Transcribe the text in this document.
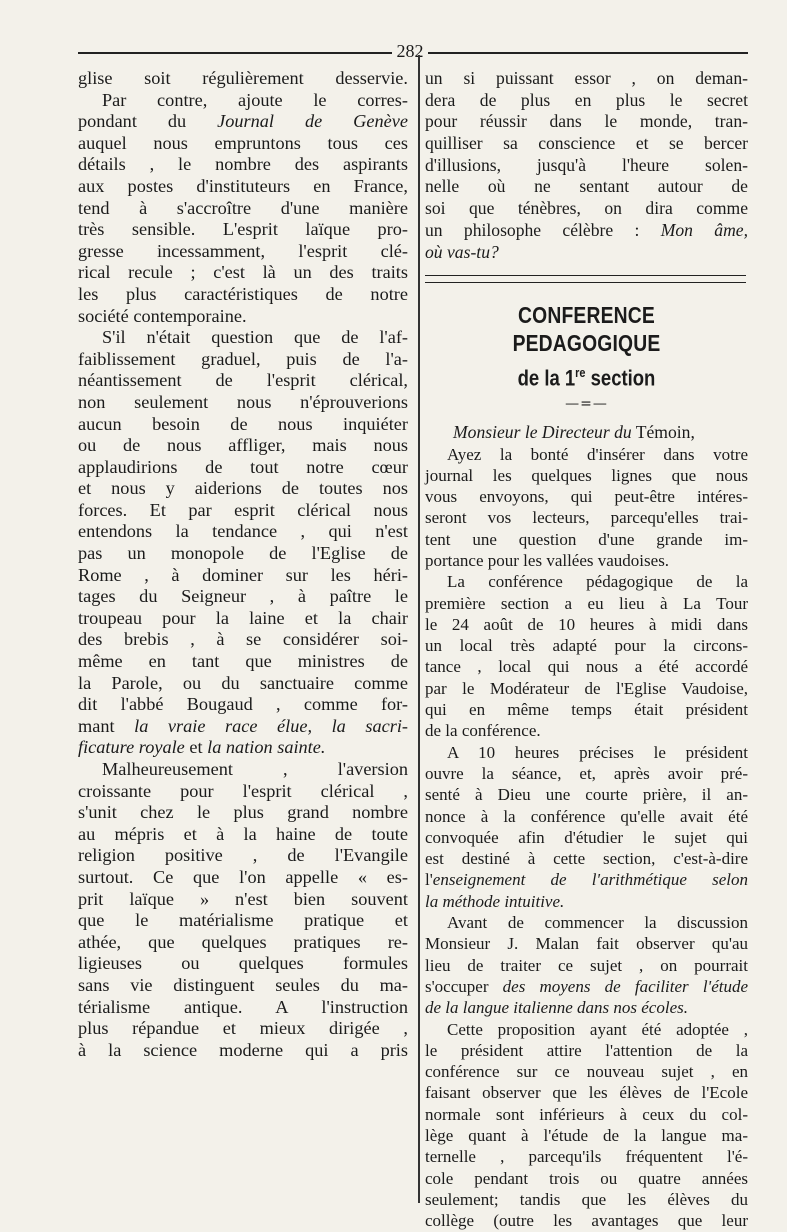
282
glise soit régulièrement desservie.
Par contre, ajoute le corres-
pondant du Journal de Genève
auquel nous empruntons tous ces
détails , le nombre des aspirants
aux postes d'instituteurs en France,
tend à s'accroître d'une manière
très sensible. L'esprit laïque pro-
gresse incessamment, l'esprit clé-
rical recule ; c'est là un des traits
les plus caractéristiques de notre
société contemporaine.
S'il n'était question que de l'af-
faiblissement graduel, puis de l'a-
néantissement de l'esprit clérical,
non seulement nous n'éprouverions
aucun besoin de nous inquiéter
ou de nous affliger, mais nous
applaudirions de tout notre cœur
et nous y aiderions de toutes nos
forces. Et par esprit clérical nous
entendons la tendance , qui n'est
pas un monopole de l'Eglise de
Rome , à dominer sur les héri-
tages du Seigneur , à paître le
troupeau pour la laine et la chair
des brebis , à se considérer soi-
même en tant que ministres de
la Parole, ou du sanctuaire comme
dit l'abbé Bougaud , comme for-
mant la vraie race élue, la sacri-
ficature royale et la nation sainte.
Malheureusement , l'aversion
croissante pour l'esprit clérical ,
s'unit chez le plus grand nombre
au mépris et à la haine de toute
religion positive , de l'Evangile
surtout. Ce que l'on appelle « es-
prit laïque » n'est bien souvent
que le matérialisme pratique et
athée, que quelques pratiques re-
ligieuses ou quelques formules
sans vie distinguent seules du ma-
térialisme antique. A l'instruction
plus répandue et mieux dirigée ,
à la science moderne qui a pris
un si puissant essor , on deman-
dera de plus en plus le secret
pour réussir dans le monde, tran-
quilliser sa conscience et se bercer
d'illusions, jusqu'à l'heure solen-
nelle où ne sentant autour de
soi que ténèbres, on dira comme
un philosophe célèbre : Mon âme,
où vas-tu?
CONFERENCE PEDAGOGIQUE
de la 1re section
—=—
Monsieur le Directeur du Témoin,
Ayez la bonté d'insérer dans votre
journal les quelques lignes que nous
vous envoyons, qui peut-être intéres-
seront vos lecteurs, parcequ'elles trai-
tent une question d'une grande im-
portance pour les vallées vaudoises.
La conférence pédagogique de la
première section a eu lieu à La Tour
le 24 août de 10 heures à midi dans
un local très adapté pour la circons-
tance , local qui nous a été accordé
par le Modérateur de l'Eglise Vaudoise,
qui en même temps était président
de la conférence.
A 10 heures précises le président
ouvre la séance, et, après avoir pré-
senté à Dieu une courte prière, il an-
nonce à la conférence qu'elle avait été
convoquée afin d'étudier le sujet qui
est destiné à cette section, c'est-à-dire
l'enseignement de l'arithmétique selon
la méthode intuitive.
Avant de commencer la discussion
Monsieur J. Malan fait observer qu'au
lieu de traiter ce sujet , on pourrait
s'occuper des moyens de faciliter l'étude
de la langue italienne dans nos écoles.
Cette proposition ayant été adoptée ,
le président attire l'attention de la
conférence sur ce nouveau sujet , en
faisant observer que les élèves de l'Ecole
normale sont inférieurs à ceux du col-
lège quant à l'étude de la langue ma-
ternelle , parcequ'ils fréquentent l'é-
cole pendant trois ou quatre années
seulement; tandis que les élèves du
collège (outre les avantages que leur
